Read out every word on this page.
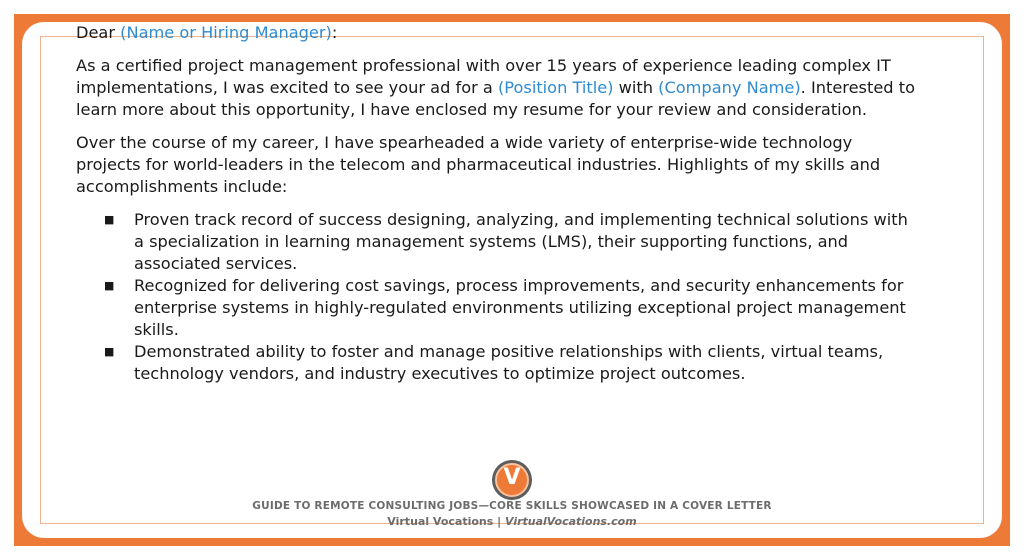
Dear (Name or Hiring Manager):

As a certified project management professional with over 15 years of experience leading complex IT implementations, I was excited to see your ad for a (Position Title) with (Company Name). Interested to learn more about this opportunity, I have enclosed my resume for your review and consideration.

Over the course of my career, I have spearheaded a wide variety of enterprise-wide technology projects for world-leaders in the telecom and pharmaceutical industries. Highlights of my skills and accomplishments include:

■ Proven track record of success designing, analyzing, and implementing technical solutions with a specialization in learning management systems (LMS), their supporting functions, and associated services.
■ Recognized for delivering cost savings, process improvements, and security enhancements for enterprise systems in highly-regulated environments utilizing exceptional project management skills.
■ Demonstrated ability to foster and manage positive relationships with clients, virtual teams, technology vendors, and industry executives to optimize project outcomes.
V
GUIDE TO REMOTE CONSULTING JOBS—CORE SKILLS SHOWCASED IN A COVER LETTER
Virtual Vocations | VirtualVocations.com
